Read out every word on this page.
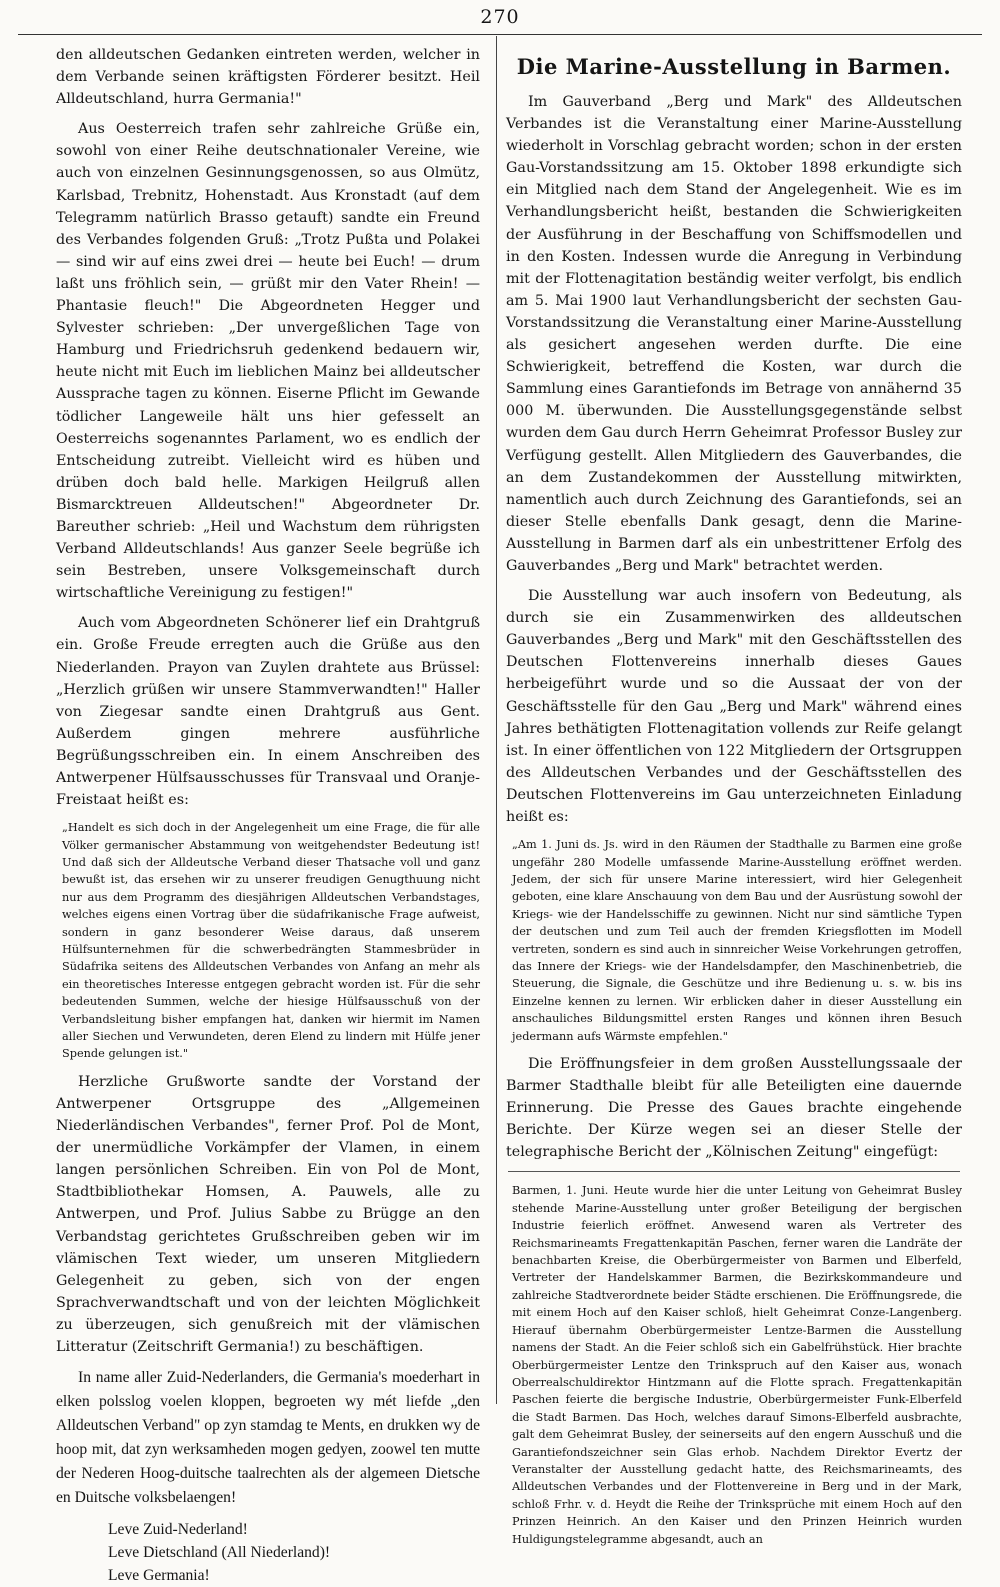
270

den alldeutschen Gedanken eintreten werden, welcher in dem Verbande seinen kräftigsten Förderer besitzt. Heil Alldeutschland, hurra Germania!"

Aus Oesterreich trafen sehr zahlreiche Grüße ein, sowohl von einer Reihe deutschnationaler Vereine, wie auch von einzelnen Gesinnungsgenossen, so aus Olmütz, Karlsbad, Trebnitz, Hohenstadt. Aus Kronstadt (auf dem Telegramm natürlich Brasso getauft) sandte ein Freund des Verbandes folgenden Gruß: „Trotz Pußta und Polakei — sind wir auf eins zwei drei — heute bei Euch! — drum laßt uns fröhlich sein, — grüßt mir den Vater Rhein! — Phantasie fleuch!" Die Abgeordneten Hegger und Sylvester schrieben: „Der unvergeßlichen Tage von Hamburg und Friedrichsruh gedenkend bedauern wir, heute nicht mit Euch im lieblichen Mainz bei alldeutscher Aussprache tagen zu können. Eiserne Pflicht im Gewande tödlicher Langeweile hält uns hier gefesselt an Oesterreichs sogenanntes Parlament, wo es endlich der Entscheidung zutreibt. Vielleicht wird es hüben und drüben doch bald helle. Markigen Heilgruß allen Bismarcktreuen Alldeutschen!" Abgeordneter Dr. Bareuther schrieb: „Heil und Wachstum dem rührigsten Verband Alldeutschlands! Aus ganzer Seele begrüße ich sein Bestreben, unsere Volksgemeinschaft durch wirtschaftliche Vereinigung zu festigen!"

Auch vom Abgeordneten Schönerer lief ein Drahtgruß ein. Große Freude erregten auch die Grüße aus den Niederlanden. Prayon van Zuylen drahtete aus Brüssel: „Herzlich grüßen wir unsere Stammverwandten!" Haller von Ziegesar sandte einen Drahtgruß aus Gent. Außerdem gingen mehrere ausführliche Begrüßungsschreiben ein. In einem Anschreiben des Antwerpener Hülfsausschusses für Transvaal und Oranje-Freistaat heißt es:

„Handelt es sich doch in der Angelegenheit um eine Frage, die für alle Völker germanischer Abstammung von weitgehendster Bedeutung ist! Und daß sich der Alldeutsche Verband dieser Thatsache voll und ganz bewußt ist, das ersehen wir zu unserer freudigen Genugthuung nicht nur aus dem Programm des diesjährigen Alldeutschen Verbandstages, welches eigens einen Vortrag über die südafrikanische Frage aufweist, sondern in ganz besonderer Weise daraus, daß unserem Hülfsunternehmen für die schwerbedrängten Stammesbrüder in Südafrika seitens des Alldeutschen Verbandes von Anfang an mehr als ein theoretisches Interesse entgegen gebracht worden ist. Für die sehr bedeutenden Summen, welche der hiesige Hülfsausschuß von der Verbandsleitung bisher empfangen hat, danken wir hiermit im Namen aller Siechen und Verwundeten, deren Elend zu lindern mit Hülfe jener Spende gelungen ist."

Herzliche Grußworte sandte der Vorstand der Antwerpener Ortsgruppe des „Allgemeinen Niederländischen Verbandes", ferner Prof. Pol de Mont, der unermüdliche Vorkämpfer der Vlamen, in einem langen persönlichen Schreiben. Ein von Pol de Mont, Stadtbibliothekar Homsen, A. Pauwels, alle zu Antwerpen, und Prof. Julius Sabbe zu Brügge an den Verbandstag gerichtetes Grußschreiben geben wir im vlämischen Text wieder, um unseren Mitgliedern Gelegenheit zu geben, sich von der engen Sprachverwandtschaft und von der leichten Möglichkeit zu überzeugen, sich genußreich mit der vlämischen Litteratur (Zeitschrift Germania!) zu beschäftigen.

In name aller Zuid-Nederlanders, die Germania's moederhart in elken polsslog voelen kloppen, begroeten wy mét liefde „den Alldeutschen Verband" op zyn stamdag te Ments, en drukken wy de hoop mit, dat zyn werksamheden mogen gedyen, zoowel ten mutte der Nederen Hoog-duitsche taalrechten als der algemeen Dietsche en Duitsche volksbelaengen!

Leve Zuid-Nederland!

Leve Dietschland (All Niederland)!

Leve Germania!

Die Marine-Ausstellung in Barmen.

Im Gauverband „Berg und Mark" des Alldeutschen Verbandes ist die Veranstaltung einer Marine-Ausstellung wiederholt in Vorschlag gebracht worden; schon in der ersten Gau-Vorstandssitzung am 15. Oktober 1898 erkundigte sich ein Mitglied nach dem Stand der Angelegenheit. Wie es im Verhandlungsbericht heißt, bestanden die Schwierigkeiten der Ausführung in der Beschaffung von Schiffsmodellen und in den Kosten. Indessen wurde die Anregung in Verbindung mit der Flottenagitation beständig weiter verfolgt, bis endlich am 5. Mai 1900 laut Verhandlungsbericht der sechsten Gau-Vorstandssitzung die Veranstaltung einer Marine-Ausstellung als gesichert angesehen werden durfte. Die eine Schwierigkeit, betreffend die Kosten, war durch die Sammlung eines Garantiefonds im Betrage von annähernd 35 000 M. überwunden. Die Ausstellungsgegenstände selbst wurden dem Gau durch Herrn Geheimrat Professor Busley zur Verfügung gestellt. Allen Mitgliedern des Gauverbandes, die an dem Zustandekommen der Ausstellung mitwirkten, namentlich auch durch Zeichnung des Garantiefonds, sei an dieser Stelle ebenfalls Dank gesagt, denn die Marine-Ausstellung in Barmen darf als ein unbestrittener Erfolg des Gauverbandes „Berg und Mark" betrachtet werden.

Die Ausstellung war auch insofern von Bedeutung, als durch sie ein Zusammenwirken des alldeutschen Gauverbandes „Berg und Mark" mit den Geschäftsstellen des Deutschen Flottenvereins innerhalb dieses Gaues herbeigeführt wurde und so die Aussaat der von der Geschäftsstelle für den Gau „Berg und Mark" während eines Jahres bethätigten Flottenagitation vollends zur Reife gelangt ist. In einer öffentlichen von 122 Mitgliedern der Ortsgruppen des Alldeutschen Verbandes und der Geschäftsstellen des Deutschen Flottenvereins im Gau unterzeichneten Einladung heißt es:

„Am 1. Juni ds. Js. wird in den Räumen der Stadthalle zu Barmen eine große ungefähr 280 Modelle umfassende Marine-Ausstellung eröffnet werden. Jedem, der sich für unsere Marine interessiert, wird hier Gelegenheit geboten, eine klare Anschauung von dem Bau und der Ausrüstung sowohl der Kriegs- wie der Handelsschiffe zu gewinnen. Nicht nur sind sämtliche Typen der deutschen und zum Teil auch der fremden Kriegsflotten im Modell vertreten, sondern es sind auch in sinnreicher Weise Vorkehrungen getroffen, das Innere der Kriegs- wie der Handelsdampfer, den Maschinenbetrieb, die Steuerung, die Signale, die Geschütze und ihre Bedienung u. s. w. bis ins Einzelne kennen zu lernen. Wir erblicken daher in dieser Ausstellung ein anschauliches Bildungsmittel ersten Ranges und können ihren Besuch jedermann aufs Wärmste empfehlen."

Die Eröffnungsfeier in dem großen Ausstellungssaale der Barmer Stadthalle bleibt für alle Beteiligten eine dauernde Erinnerung. Die Presse des Gaues brachte eingehende Berichte. Der Kürze wegen sei an dieser Stelle der telegraphische Bericht der „Kölnischen Zeitung" eingefügt:

Barmen, 1. Juni. Heute wurde hier die unter Leitung von Geheimrat Busley stehende Marine-Ausstellung unter großer Beteiligung der bergischen Industrie feierlich eröffnet. Anwesend waren als Vertreter des Reichsmarineamts Fregattenkapitän Paschen, ferner waren die Landräte der benachbarten Kreise, die Oberbürgermeister von Barmen und Elberfeld, Vertreter der Handelskammer Barmen, die Bezirkskommandeure und zahlreiche Stadtverordnete beider Städte erschienen. Die Eröffnungsrede, die mit einem Hoch auf den Kaiser schloß, hielt Geheimrat Conze-Langenberg. Hierauf übernahm Oberbürgermeister Lentze-Barmen die Ausstellung namens der Stadt. An die Feier schloß sich ein Gabelfrühstück. Hier brachte Oberbürgermeister Lentze den Trinkspruch auf den Kaiser aus, wonach Oberrealschuldirektor Hintzmann auf die Flotte sprach. Fregattenkapitän Paschen feierte die bergische Industrie, Oberbürgermeister Funk-Elberfeld die Stadt Barmen. Das Hoch, welches darauf Simons-Elberfeld ausbrachte, galt dem Geheimrat Busley, der seinerseits auf den engern Ausschuß und die Garantiefondszeichner sein Glas erhob. Nachdem Direktor Evertz der Veranstalter der Ausstellung gedacht hatte, des Reichsmarineamts, des Alldeutschen Verbandes und der Flottenvereine in Berg und in der Mark, schloß Frhr. v. d. Heydt die Reihe der Trinksprüche mit einem Hoch auf den Prinzen Heinrich. An den Kaiser und den Prinzen Heinrich wurden Huldigungstelegramme abgesandt, auch an
